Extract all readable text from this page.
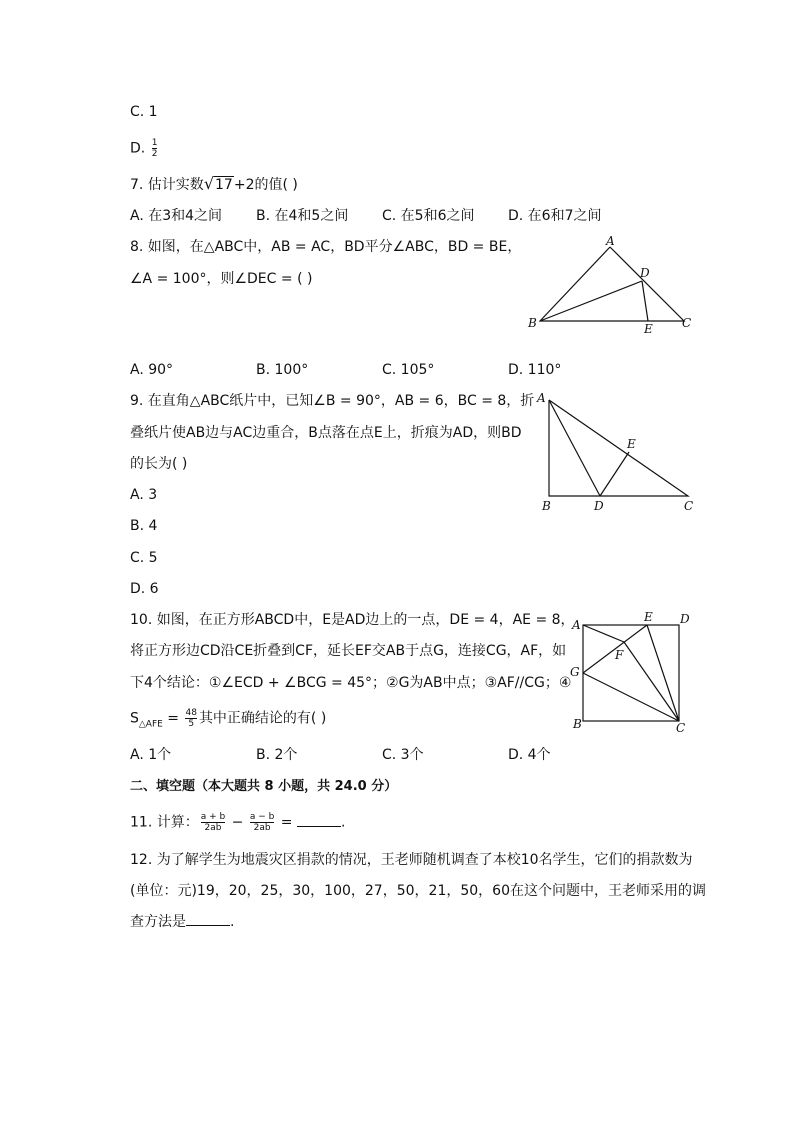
C. 1
D. $\frac{1}{2}$
7. 估计实数√17+2的值( )
A. 在3和4之间 B. 在4和5之间 C. 在5和6之间 D. 在6和7之间
8. 如图，在△ABC中，AB = AC，BD平分∠ABC，BD = BE，
∠A = 100°，则∠DEC = ( )
A
B	C
D
E
A. 90°	B. 100°	C. 105°	D. 110°
9. 在直角△ABC纸片中，已知∠B = 90°，AB = 6，BC = 8，折
叠纸片使AB边与AC边重合，B点落在点E上，折痕为AD，则BD
的长为( )
A. 3
B. 4
C. 5
D. 6
A
B	C
D
E
10. 如图，在正方形ABCD中，E是AD边上的一点，DE = 4，AE = 8，
将正方形边CD沿CE折叠到CF，延长EF交AB于点G，连接CG，AF，如
下4个结论：①∠ECD + ∠BCG = 45°；②G为AB中点；③AF//CG；④
$S_{\triangle AFE} = \frac{48}{5}$ 其中正确结论的有( )
A
B	C
D
E
F
G
A. 1个	B. 2个	C. 3个	D. 4个
二、填空题（本大题共 8 小题，共 24.0 分）
11. 计算： $\frac{a + b}{2ab} - \frac{a - b}{2ab}$ =	.
12. 为了解学生为地震灾区捐款的情况，王老师随机调查了本校10名学生，它们的捐款数为
(单位：元)19，20，25，30，100，27，50，21，50，60在这个问题中，王老师采用的调
查方法是	.
